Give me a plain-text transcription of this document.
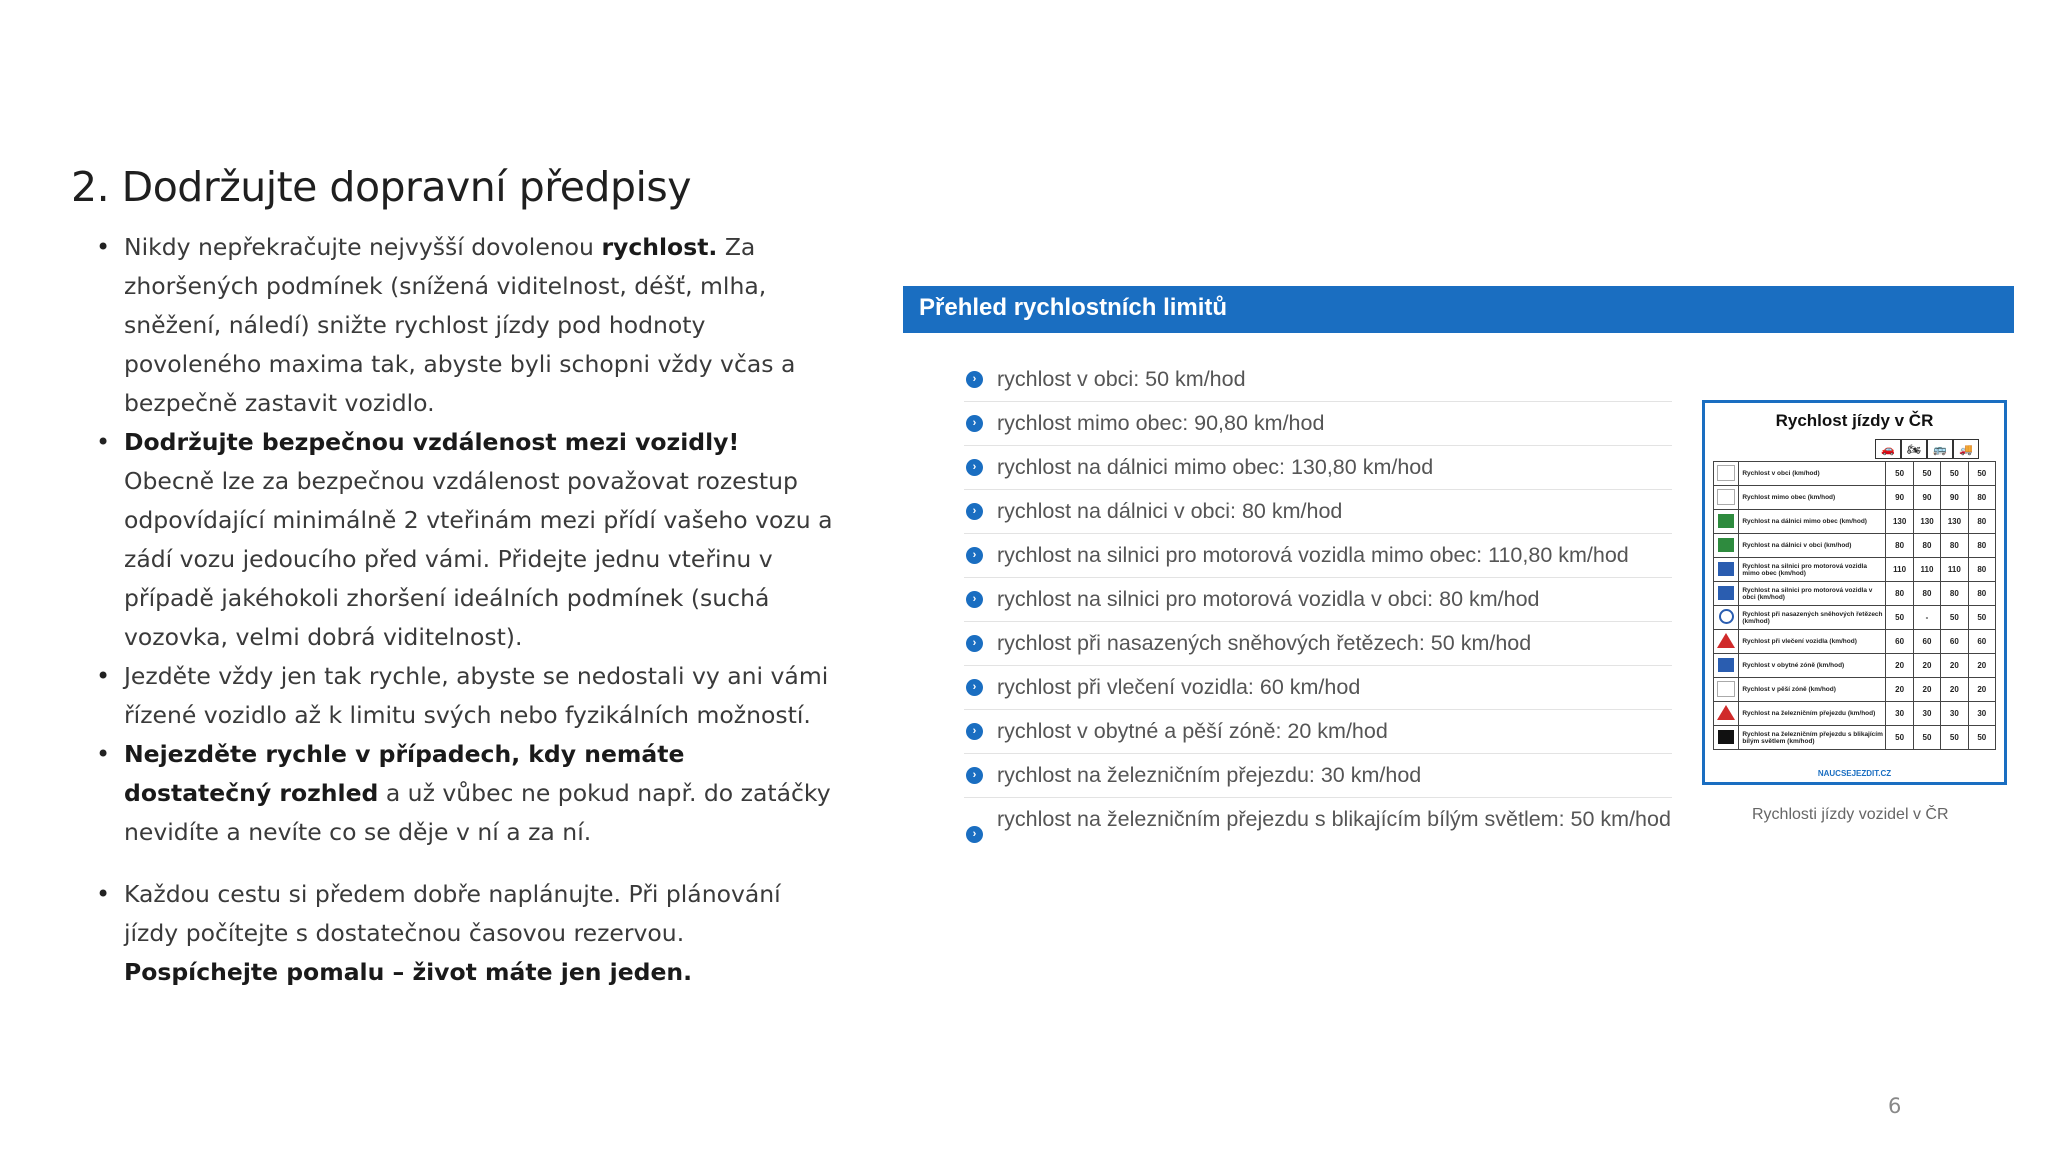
2. Dodržujte dopravní předpisy
• Nikdy nepřekračujte nejvyšší dovolenou rychlost. Za zhoršených podmínek (snížená viditelnost, déšť, mlha, sněžení, náledí) snižte rychlost jízdy pod hodnoty povoleného maxima tak, abyste byli schopni vždy včas a bezpečně zastavit vozidlo.
• Dodržujte bezpečnou vzdálenost mezi vozidly! Obecně lze za bezpečnou vzdálenost považovat rozestup odpovídající minimálně 2 vteřinám mezi přídí vašeho vozu a zádí vozu jedoucího před vámi. Přidejte jednu vteřinu v případě jakéhokoli zhoršení ideálních podmínek (suchá vozovka, velmi dobrá viditelnost).
• Jezděte vždy jen tak rychle, abyste se nedostali vy ani vámi řízené vozidlo až k limitu svých nebo fyzikálních možností.
• Nejezděte rychle v případech, kdy nemáte dostatečný rozhled a už vůbec ne pokud např. do zatáčky nevidíte a nevíte co se děje v ní a za ní.
• Každou cestu si předem dobře naplánujte. Při plánování jízdy počítejte s dostatečnou časovou rezervou. Pospíchejte pomalu – život máte jen jeden.
Přehled rychlostních limitů
› rychlost v obci: 50 km/hod
› rychlost mimo obec: 90,80 km/hod
› rychlost na dálnici mimo obec: 130,80 km/hod
› rychlost na dálnici v obci: 80 km/hod
› rychlost na silnici pro motorová vozidla mimo obec: 110,80 km/hod
› rychlost na silnici pro motorová vozidla v obci: 80 km/hod
› rychlost při nasazených sněhových řetězech: 50 km/hod
› rychlost při vlečení vozidla: 60 km/hod
› rychlost v obytné a pěší zóně: 20 km/hod
› rychlost na železničním přejezdu: 30 km/hod
›
rychlost na železničním přejezdu s blikajícím bílým světlem: 50 km/hod
Rychlost jízdy v ČR
🚗	🏍	🚌	🚚
	Rychlost v obci (km/hod)	50	50	50	50
	Rychlost mimo obec (km/hod)	90	90	90	80
	Rychlost na dálnici mimo obec (km/hod)	130	130	130	80
	Rychlost na dálnici v obci (km/hod)	80	80	80	80
	Rychlost na silnici pro motorová vozidla mimo obec (km/hod)	110	110	110	80
	Rychlost na silnici pro motorová vozidla v obci (km/hod)	80	80	80	80
	Rychlost při nasazených sněhových řetězech (km/hod)	50	-	50	50
	Rychlost při vlečení vozidla (km/hod)	60	60	60	60
	Rychlost v obytné zóně (km/hod)	20	20	20	20
	Rychlost v pěší zóně (km/hod)	20	20	20	20
	Rychlost na železničním přejezdu (km/hod)	30	30	30	30
	Rychlost na železničním přejezdu s blikajícím bílým světlem (km/hod)	50	50	50	50
NAUCSEJEZDIT.CZ
Rychlosti jízdy vozidel v ČR
6
